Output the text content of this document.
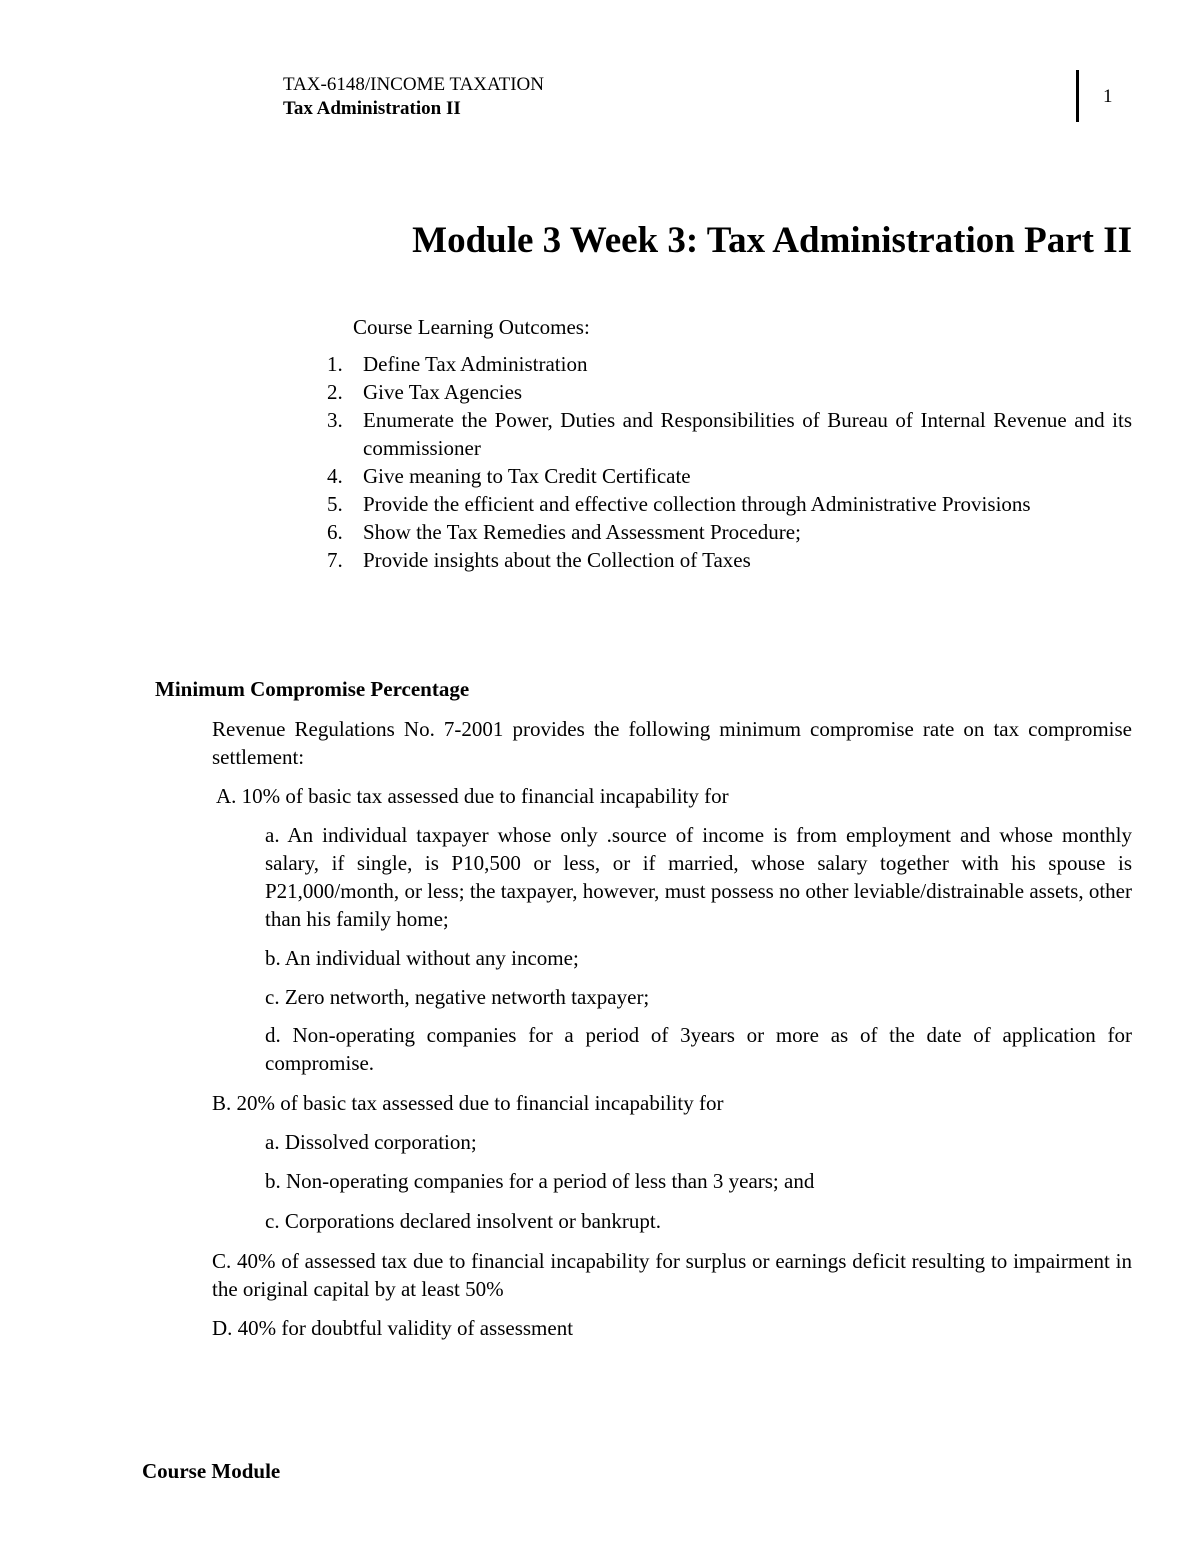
TAX-6148/INCOME TAXATION
Tax Administration II
1
Module 3 Week 3: Tax Administration Part II
Course Learning Outcomes:
1. Define Tax Administration
2. Give Tax Agencies
3. Enumerate the Power, Duties and Responsibilities of Bureau of Internal Revenue and its commissioner
4. Give meaning to Tax Credit Certificate
5. Provide the efficient and effective collection through Administrative Provisions
6. Show the Tax Remedies and Assessment Procedure;
7. Provide insights about the Collection of Taxes
Minimum Compromise Percentage

Revenue Regulations No. 7-2001 provides the following minimum compromise rate on tax compromise settlement:

A. 10% of basic tax assessed due to financial incapability for

a. An individual taxpayer whose only .source of income is from employment and whose monthly salary, if single, is P10,500 or less, or if married, whose salary together with his spouse is P21,000/month, or less; the taxpayer, however, must possess no other leviable/distrainable assets, other than his family home;

b. An individual without any income;

c. Zero networth, negative networth taxpayer;

d. Non-operating companies for a period of 3years or more as of the date of application for compromise.

B. 20% of basic tax assessed due to financial incapability for

a. Dissolved corporation;

b. Non-operating companies for a period of less than 3 years; and

c. Corporations declared insolvent or bankrupt.

C. 40% of assessed tax due to financial incapability for surplus or earnings deficit resulting to impairment in the original capital by at least 50%

D. 40% for doubtful validity of assessment

Course Module
